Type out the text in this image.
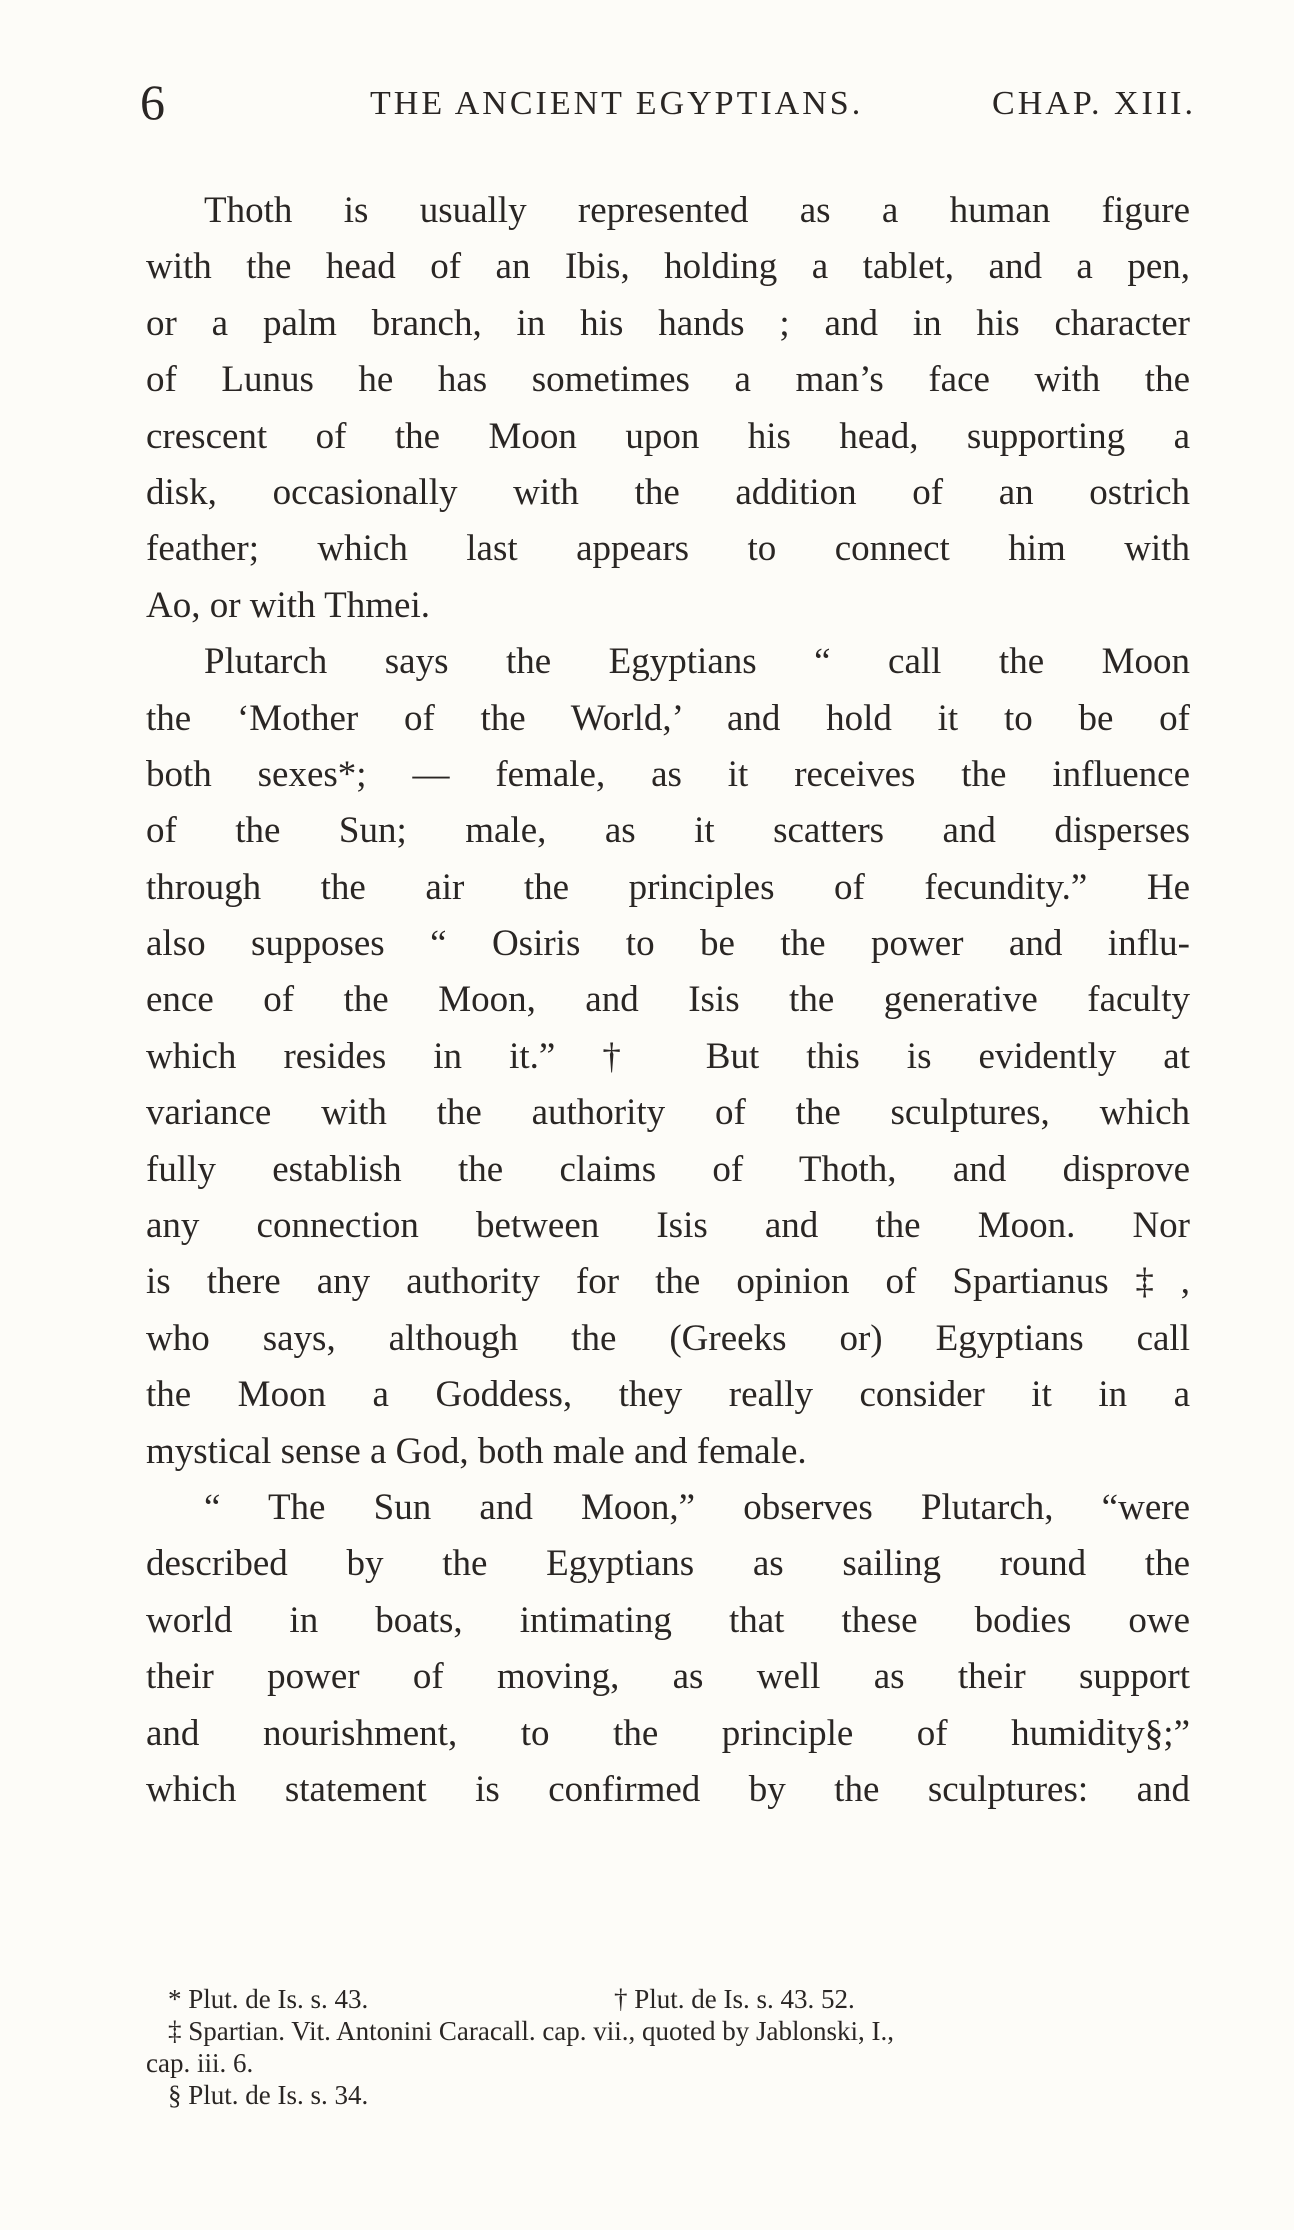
6	THE ANCIENT EGYPTIANS.	CHAP. XIII.
Thoth is usually represented as a human figure
with the head of an Ibis, holding a tablet, and a pen,
or a palm branch, in his hands ; and in his character
of Lunus he has sometimes a man’s face with the
crescent of the Moon upon his head, supporting a
disk, occasionally with the addition of an ostrich
feather; which last appears to connect him with
Ao, or with Thmei.
Plutarch says the Egyptians “ call the Moon
the ‘Mother of the World,’ and hold it to be of
both sexes*; — female, as it receives the influence
of the Sun; male, as it scatters and disperses
through the air the principles of fecundity.” He
also supposes “ Osiris to be the power and influ-
ence of the Moon, and Isis the generative faculty
which resides in it.” † But this is evidently at
variance with the authority of the sculptures, which
fully establish the claims of Thoth, and disprove
any connection between Isis and the Moon. Nor
is there any authority for the opinion of Spartianus‡,
who says, although the (Greeks or) Egyptians call
the Moon a Goddess, they really consider it in a
mystical sense a God, both male and female.
“ The Sun and Moon,” observes Plutarch, “were
described by the Egyptians as sailing round the
world in boats, intimating that these bodies owe
their power of moving, as well as their support
and nourishment, to the principle of humidity§;”
which statement is confirmed by the sculptures: and
* Plut. de Is. s. 43.	† Plut. de Is. s. 43. 52.
‡ Spartian. Vit. Antonini Caracall. cap. vii., quoted by Jablonski, I.,
cap. iii. 6.
§ Plut. de Is. s. 34.
